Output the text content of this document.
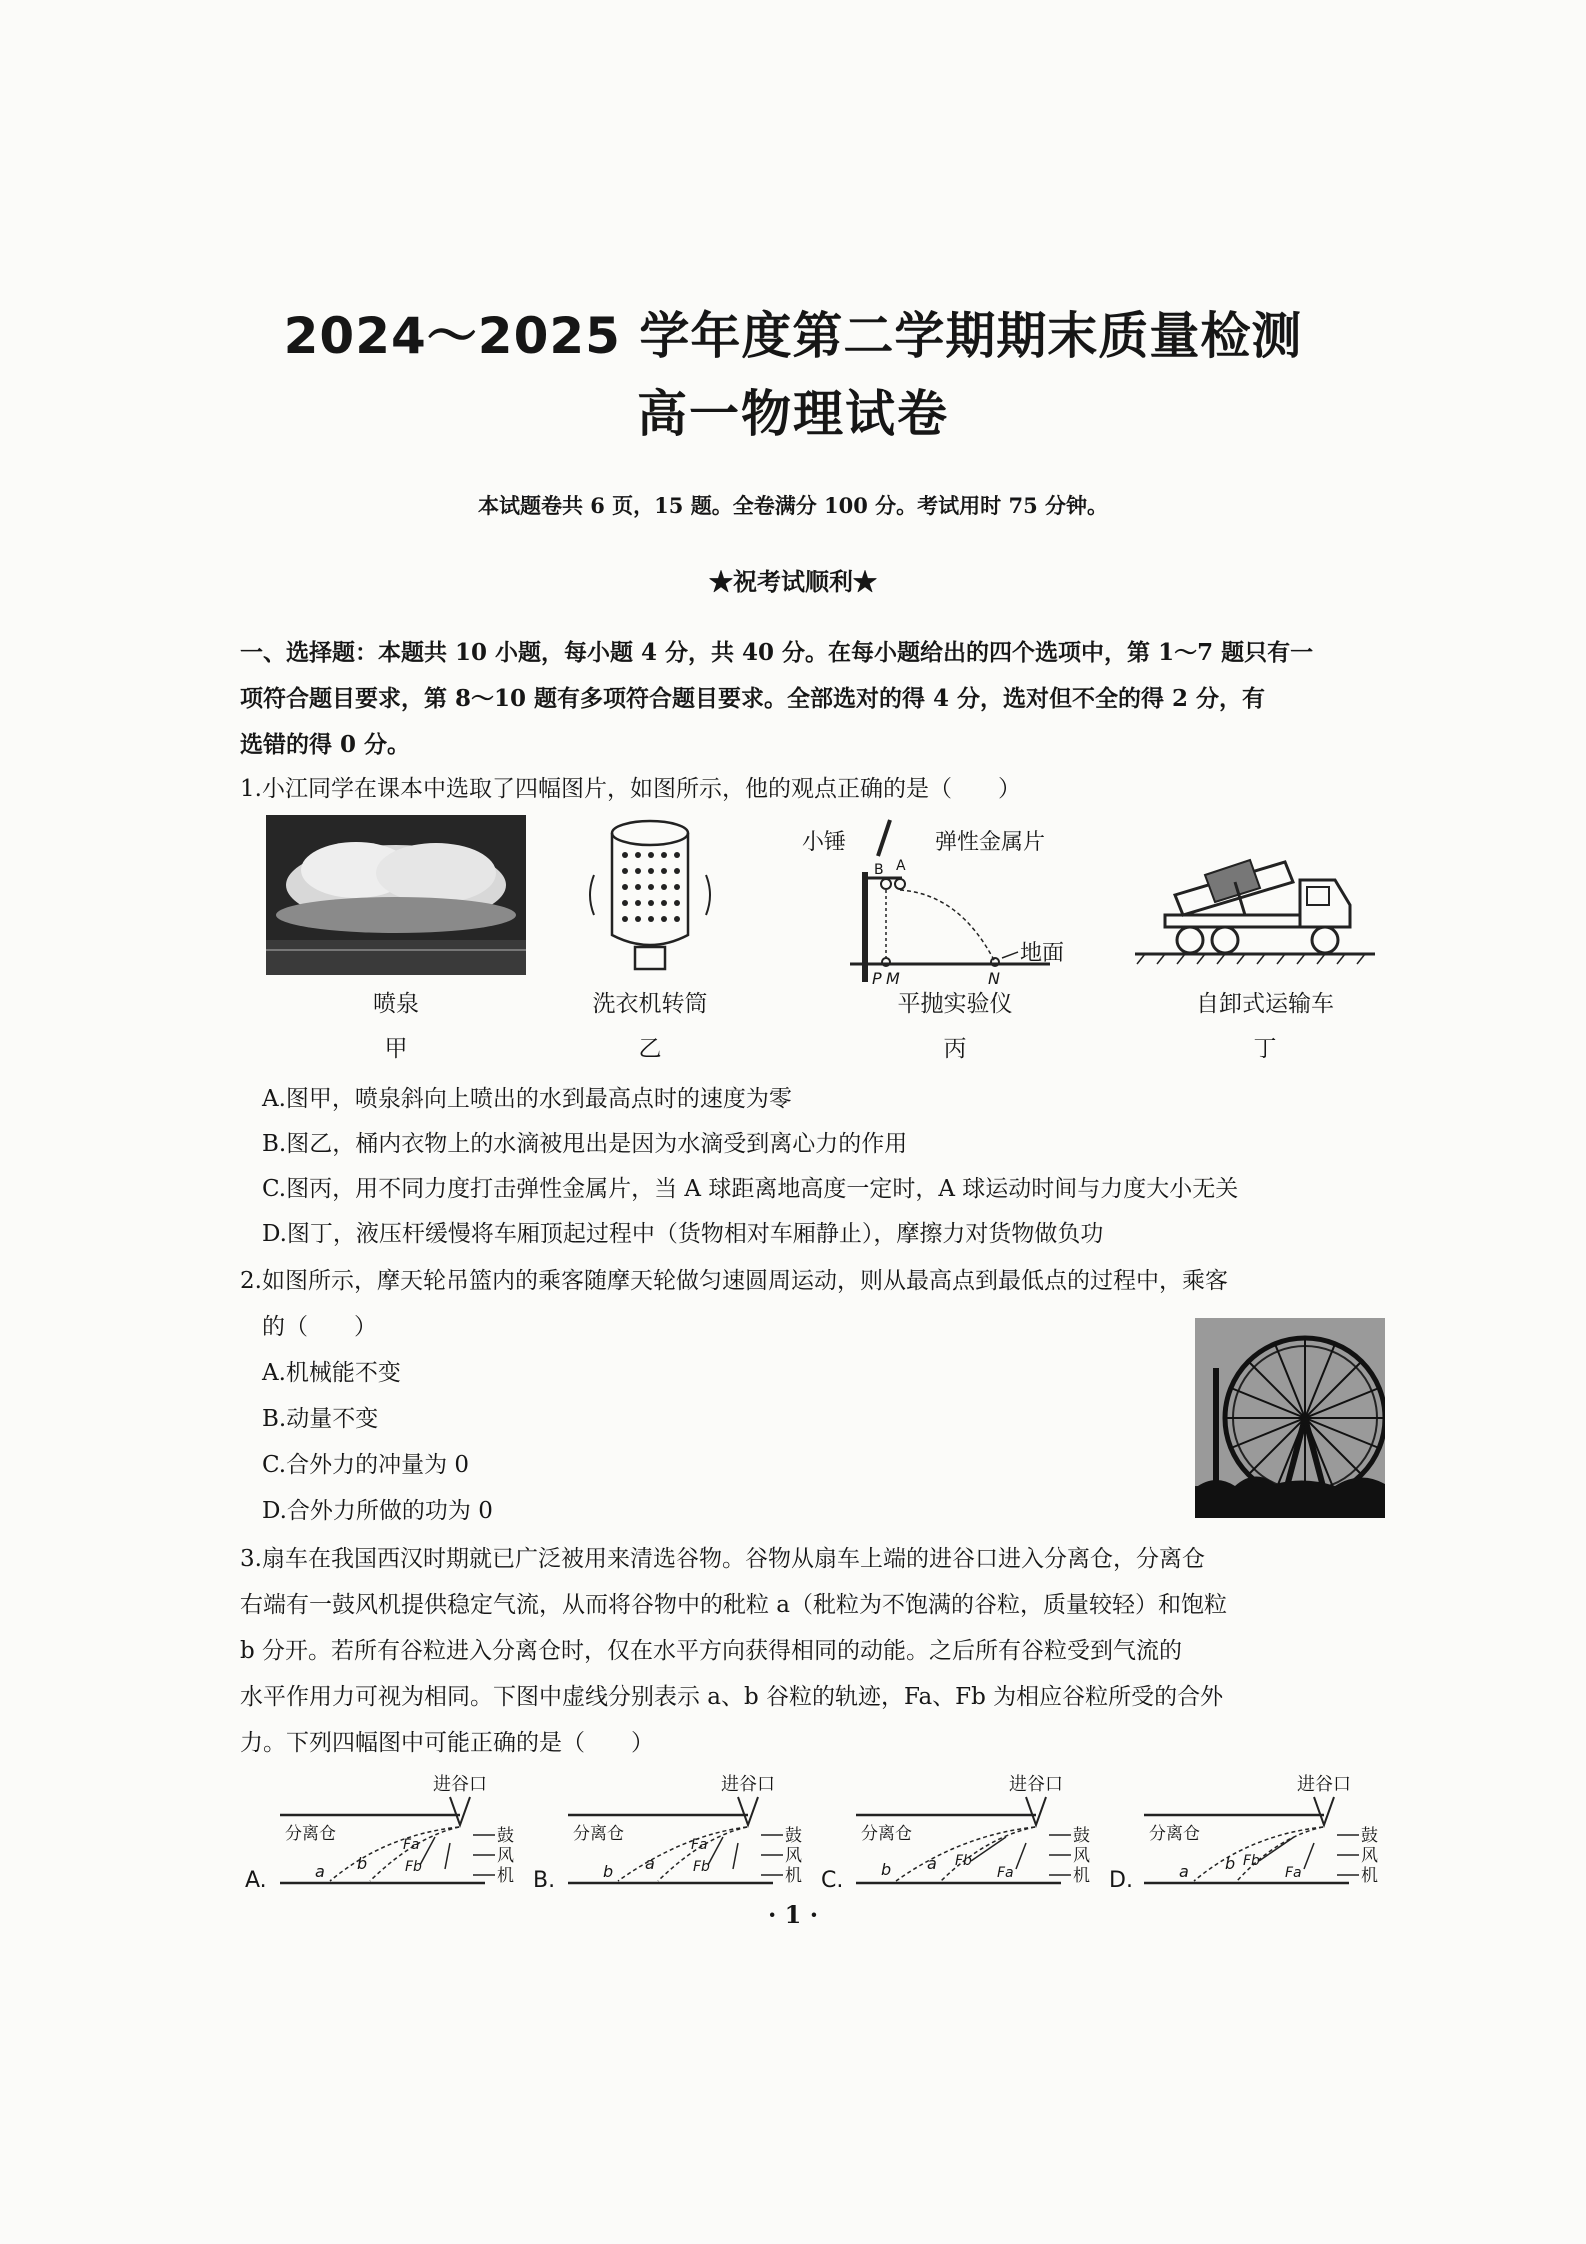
2024～2025 学年度第二学期期末质量检测
高一物理试卷
本试题卷共 6 页，15 题。全卷满分 100 分。考试用时 75 分钟。
★祝考试顺利★
一、选择题：本题共 10 小题，每小题 4 分，共 40 分。在每小题给出的四个选项中，第 1～7 题只有一
项符合题目要求，第 8～10 题有多项符合题目要求。全部选对的得 4 分，选对但不全的得 2 分，有
选错的得 0 分。
1.小江同学在课本中选取了四幅图片，如图所示，他的观点正确的是（　　）
喷泉
甲
洗衣机转筒
乙
小锤	弹性金属片
B A
地面
P M	N
平抛实验仪
丙
自卸式运输车
丁
A.图甲，喷泉斜向上喷出的水到最高点时的速度为零
B.图乙，桶内衣物上的水滴被甩出是因为水滴受到离心力的作用
C.图丙，用不同力度打击弹性金属片，当 A 球距离地高度一定时，A 球运动时间与力度大小无关
D.图丁，液压杆缓慢将车厢顶起过程中（货物相对车厢静止），摩擦力对货物做负功
2.如图所示，摩天轮吊篮内的乘客随摩天轮做匀速圆周运动，则从最高点到最低点的过程中，乘客
的（　　）
A.机械能不变
B.动量不变
C.合外力的冲量为 0
D.合外力所做的功为 0
3.扇车在我国西汉时期就已广泛被用来清选谷物。谷物从扇车上端的进谷口进入分离仓，分离仓
右端有一鼓风机提供稳定气流，从而将谷物中的秕粒 a（秕粒为不饱满的谷粒，质量较轻）和饱粒
b 分开。若所有谷粒进入分离仓时，仅在水平方向获得相同的动能。之后所有谷粒受到气流的
水平作用力可视为相同。下图中虚线分别表示 a、b 谷粒的轨迹，Fa、Fb 为相应谷粒所受的合外
力。下列四幅图中可能正确的是（　　）
A.
进谷口
分离仓
a b
Fa
Fb
鼓
风
机 B.
进谷口
分离仓
b a
Fa
Fb
鼓
风
机 C.
进谷口
分离仓
b a Fb
Fa
鼓
风
机 D.
进谷口
分离仓
a b Fb
Fa
鼓
风
机
· 1 ·
